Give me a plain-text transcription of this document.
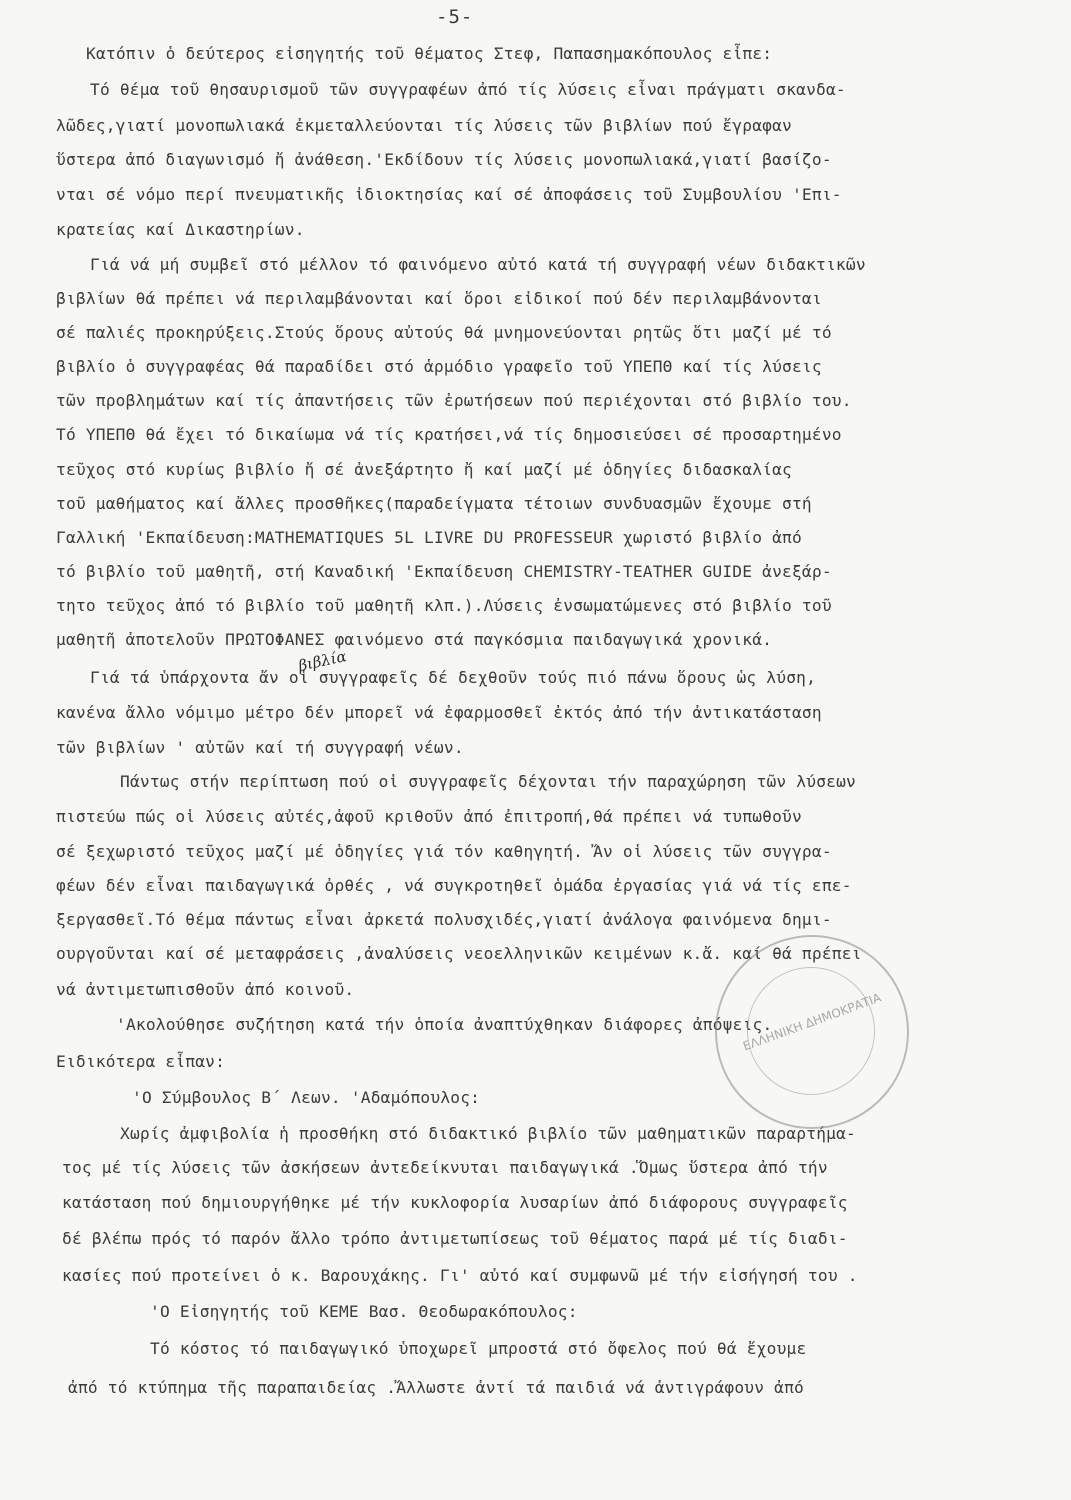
-5-
Κατόπιν ὁ δεύτερος εἰσηγητής τοῦ θέματος Στεφ, Παπασημακόπουλος εἶπε:
Τό θέμα τοῦ θησαυρισμοῦ τῶν συγγραφέων ἀπό τίς λύσεις εἶναι πράγματι σκανδα-
λῶδες,γιατί μονοπωλιακά ἐκμεταλλεύονται τίς λύσεις τῶν βιβλίων πού ἔγραφαν
ὕστερα ἀπό διαγωνισμό ἤ ἀνάθεση.'Εκδίδουν τίς λύσεις μονοπωλιακά,γιατί βασίζο-
νται σέ νόμο περί πνευματικῆς ἰδιοκτησίας καί σέ ἀποφάσεις τοῦ Συμβουλίου 'Επι-
κρατείας καί Δικαστηρίων.
Γιά νά μή συμβεῖ στό μέλλον τό φαινόμενο αὐτό κατά τή συγγραφή νέων διδακτικῶν
βιβλίων θά πρέπει νά περιλαμβάνονται καί ὅροι εἰδικοί πού δέν περιλαμβάνονται
σέ παλιές προκηρύξεις.Στούς ὅρους αὐτούς θά μνημονεύονται ρητῶς ὅτι μαζί μέ τό
βιβλίο ὁ συγγραφέας θά παραδίδει στό ἁρμόδιο γραφεῖο τοῦ ΥΠΕΠΘ καί τίς λύσεις
τῶν προβλημάτων καί τίς ἀπαντήσεις τῶν ἐρωτήσεων πού περιέχονται στό βιβλίο του.
Τό ΥΠΕΠΘ θά ἔχει τό δικαίωμα νά τίς κρατήσει,νά τίς δημοσιεύσει σέ προσαρτημένο
τεῦχος στό κυρίως βιβλίο ἤ σέ ἀνεξάρτητο ἤ καί μαζί μέ ὁδηγίες διδασκαλίας
τοῦ μαθήματος καί ἄλλες προσθῆκες(παραδείγματα τέτοιων συνδυασμῶν ἔχουμε στή
Γαλλική 'Εκπαίδευση:MATHEMATIQUES 5L LIVRE DU PROFESSEUR χωριστό βιβλίο ἀπό
τό βιβλίο τοῦ μαθητῆ, στή Καναδική 'Εκπαίδευση CHEMISTRY-TEATHER GUIDE ἀνεξάρ-
τητο τεῦχος ἀπό τό βιβλίο τοῦ μαθητῆ κλπ.).Λύσεις ἐνσωματώμενες στό βιβλίο τοῦ
μαθητῆ ἀποτελοῦν ΠΡΩΤΟΦΑΝΕΣ φαινόμενο στά παγκόσμια παιδαγωγικά χρονικά.
Γιά τά ὑπάρχοντα ἄν οἱ συγγραφεῖς δέ δεχθοῦν τούς πιό πάνω ὅρους ὡς λύση,
κανένα ἄλλο νόμιμο μέτρο δέν μπορεῖ νά ἐφαρμοσθεῖ ἐκτός ἀπό τήν ἀντικατάσταση
τῶν βιβλίων ' αὐτῶν καί τή συγγραφή νέων.
Πάντως στήν περίπτωση πού οἱ συγγραφεῖς δέχονται τήν παραχώρηση τῶν λύσεων
πιστεύω πώς οἱ λύσεις αὐτές,ἀφοῦ κριθοῦν ἀπό ἐπιτροπή,θά πρέπει νά τυπωθοῦν
σέ ξεχωριστό τεῦχος μαζί μέ ὁδηγίες γιά τόν καθηγητή. Ἄν οἱ λύσεις τῶν συγγρα-
φέων δέν εἶναι παιδαγωγικά ὀρθές , νά συγκροτηθεῖ ὁμάδα ἐργασίας γιά νά τίς επε-
ξεργασθεῖ.Τό θέμα πάντως εἶναι ἀρκετά πολυσχιδές,γιατί ἀνάλογα φαινόμενα δημι-
ουργοῦνται καί σέ μεταφράσεις ,ἀναλύσεις νεοελληνικῶν κειμένων κ.ἄ. καί θά πρέπει
νά ἀντιμετωπισθοῦν ἀπό κοινοῦ.
'Ακολούθησε συζήτηση κατά τήν ὁποία ἀναπτύχθηκαν διάφορες ἀπόψεις.
Ειδικότερα εἶπαν:
'Ο Σύμβουλος Β΄ Λεων. 'Αδαμόπουλος:
Χωρίς ἀμφιβολία ἡ προσθήκη στό διδακτικό βιβλίο τῶν μαθηματικῶν παραρτήμα-
τος μέ τίς λύσεις τῶν ἀσκήσεων ἀντεδείκνυται παιδαγωγικά .Ὅμως ὕστερα ἀπό τήν
κατάσταση πού δημιουργήθηκε μέ τήν κυκλοφορία λυσαρίων ἀπό διάφορους συγγραφεῖς
δέ βλέπω πρός τό παρόν ἄλλο τρόπο ἀντιμετωπίσεως τοῦ θέματος παρά μέ τίς διαδι-
κασίες πού προτείνει ὁ κ. Βαρουχάκης. Γι' αὐτό καί συμφωνῶ μέ τήν εἰσήγησή του .
'Ο Εἰσηγητής τοῦ ΚΕΜΕ Βασ. Θεοδωρακόπουλος:
Τό κόστος τό παιδαγωγικό ὑποχωρεῖ μπροστά στό ὄφελος πού θά ἔχουμε
ἀπό τό κτύπημα τῆς παραπαιδείας .Ἄλλωστε ἀντί τά παιδιά νά ἀντιγράφουν ἀπό
βιβλία
ΕΛΛΗΝΙΚΗ ΔΗΜΟΚΡΑΤΙΑ
